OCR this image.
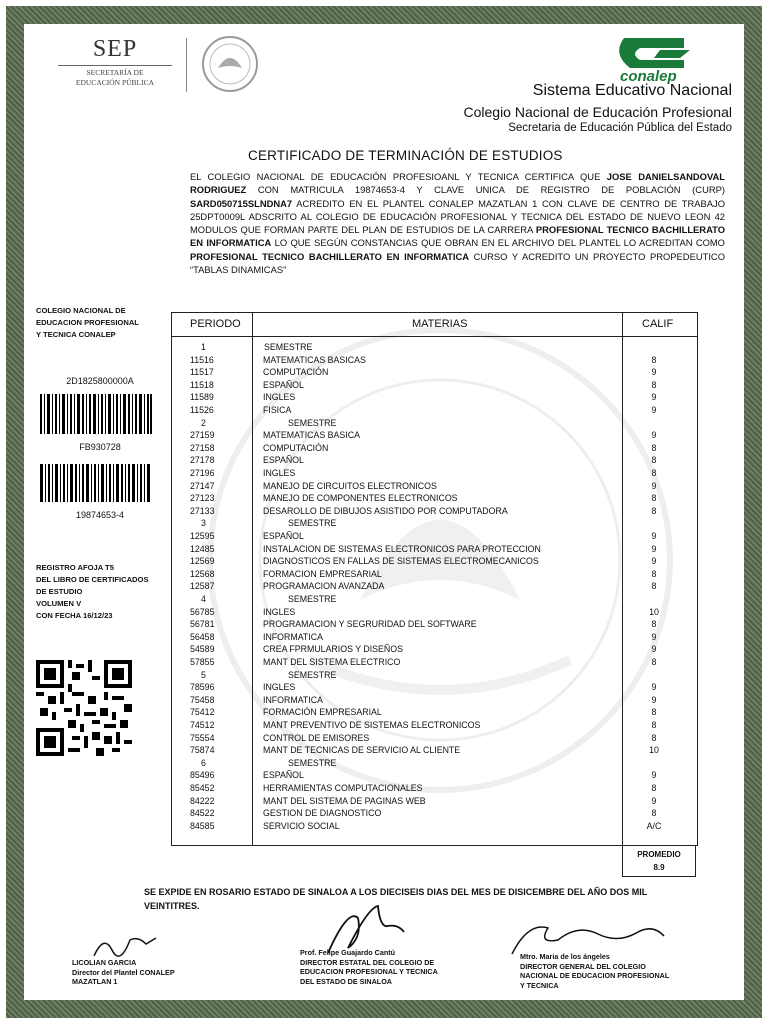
SEP
SECRETARÍA DE
EDUCACIÓN PÚBLICA	conalep
Sistema Educativo Nacional
Colegio Nacional de Educación Profesional
Secretaria de Educación Pública del Estado
CERTIFICADO DE TERMINACIÓN DE ESTUDIOS
EL COLEGIO NACIONAL DE EDUCACIÓN PROFESIOANL Y TECNICA CERTIFICA QUE JOSE DANIELSANDOVAL RODRIGUEZ CON MATRICULA 19874653-4 Y CLAVE UNICA DE REGISTRO DE POBLACIÓN (CURP) SARD050715SLNDNA7 ACREDITO EN EL PLANTEL CONALEP MAZATLAN 1 CON CLAVE DE CENTRO DE TRABAJO 25DPT0009L ADSCRITO AL COLEGIO DE EDUCACIÓN PROFESIONAL Y TECNICA DEL ESTADO DE NUEVO LEON 42 MODULOS QUE FORMAN PARTE DEL PLAN DE ESTUDIOS DE LA CARRERA PROFESIONAL TECNICO BACHILLERATO EN INFORMATICA LO QUE SEGÚN CONSTANCIAS QUE OBRAN EN EL ARCHIVO DEL PLANTEL LO ACREDITAN COMO PROFESIONAL TECNICO BACHILLERATO EN INFORMATICA CURSO Y ACREDITO UN PROYECTO PROPEDEUTICO “TABLAS DINAMICAS”
COLEGIO NACIONAL DE
EDUCACION PROFESIONAL
Y TECNICA CONALEP
2D1825800000A
FB930728
19874653-4
REGISTRO AFOJA T5
DEL LIBRO DE CERTIFICADOS
DE ESTUDIO
VOLUMEN V
CON FECHA 16/12/23
PERIODO	MATERIAS	CALIF
1	SEMESTRE
11516	MATEMATICAS BASICAS	8
11517	COMPUTACIÓN	9
11518	ESPAÑOL	8
11589	INGLES	9
11526	FISICA	9
2	SEMESTRE
27159	MATEMATICAS BASICA	9
27158	COMPUTACIÓN	8
27178	ESPAÑOL	8
27196	INGLES	8
27147	MANEJO DE CIRCUITOS ELECTRONICOS	9
27123	MANEJO DE COMPONENTES ELECTRONICOS	8
27133	DESAROLLO DE DIBUJOS ASISTIDO POR COMPUTADORA	8
3	SEMESTRE
12595	ESPAÑOL	9
12485	INSTALACION DE SISTEMAS ELECTRONICOS PARA PROTECCION	9
12569	DIAGNOSTICOS EN FALLAS DE SISTEMAS ELECTROMECANICOS	9
12568	FORMACION EMPRESARIAL	8
12587	PROGRAMACION AVANZADA	8
4	SEMESTRE
56785	INGLES	10
56781	PROGRAMACION Y SEGRURIDAD DEL SOFTWARE	8
56458	INFORMATICA	9
54589	CREA FPRMULARIOS Y DISEÑOS	9
57855	MANT DEL SISTEMA ELECTRICO	8
5	SEMESTRE
78596	INGLES	9
75458	INFORMATICA	9
75412	FORMACIÓN EMPRESARIAL	8
74512	MANT PREVENTIVO DE SISTEMAS ELECTRONICOS	8
75554	CONTROL DE EMISORES	8
75874	MANT DE TECNICAS DE SERVICIO AL CLIENTE	10
6	SEMESTRE
85496	ESPAÑOL	9
85452	HERRAMIENTAS COMPUTACIONALES	8
84222	MANT DEL SISTEMA DE PAGINAS WEB	9
84522	GESTION DE DIAGNOSTICO	8
84585	SERVICIO SOCIAL	A/C
PROMEDIO
8.9
SE EXPIDE EN ROSARIO ESTADO DE SINALOA A LOS DIECISEIS DIAS DEL MES DE DISICEMBRE DEL AÑO DOS MIL VEINTITRES.
LICOLIAN GARCIA
Director del Plantel CONALEP
MAZATLAN 1
Prof. Felipe Guajardo Cantú
DIRECTOR ESTATAL DEL COLEGIO DE
EDUCACION PROFESIONAL Y TECNICA
DEL ESTADO DE SINALOA
Mtro. Maria de los ángeles
DIRECTOR GENERAL DEL COLEGIO
NACIONAL DE EDUCACION PROFESIONAL
Y TECNICA
